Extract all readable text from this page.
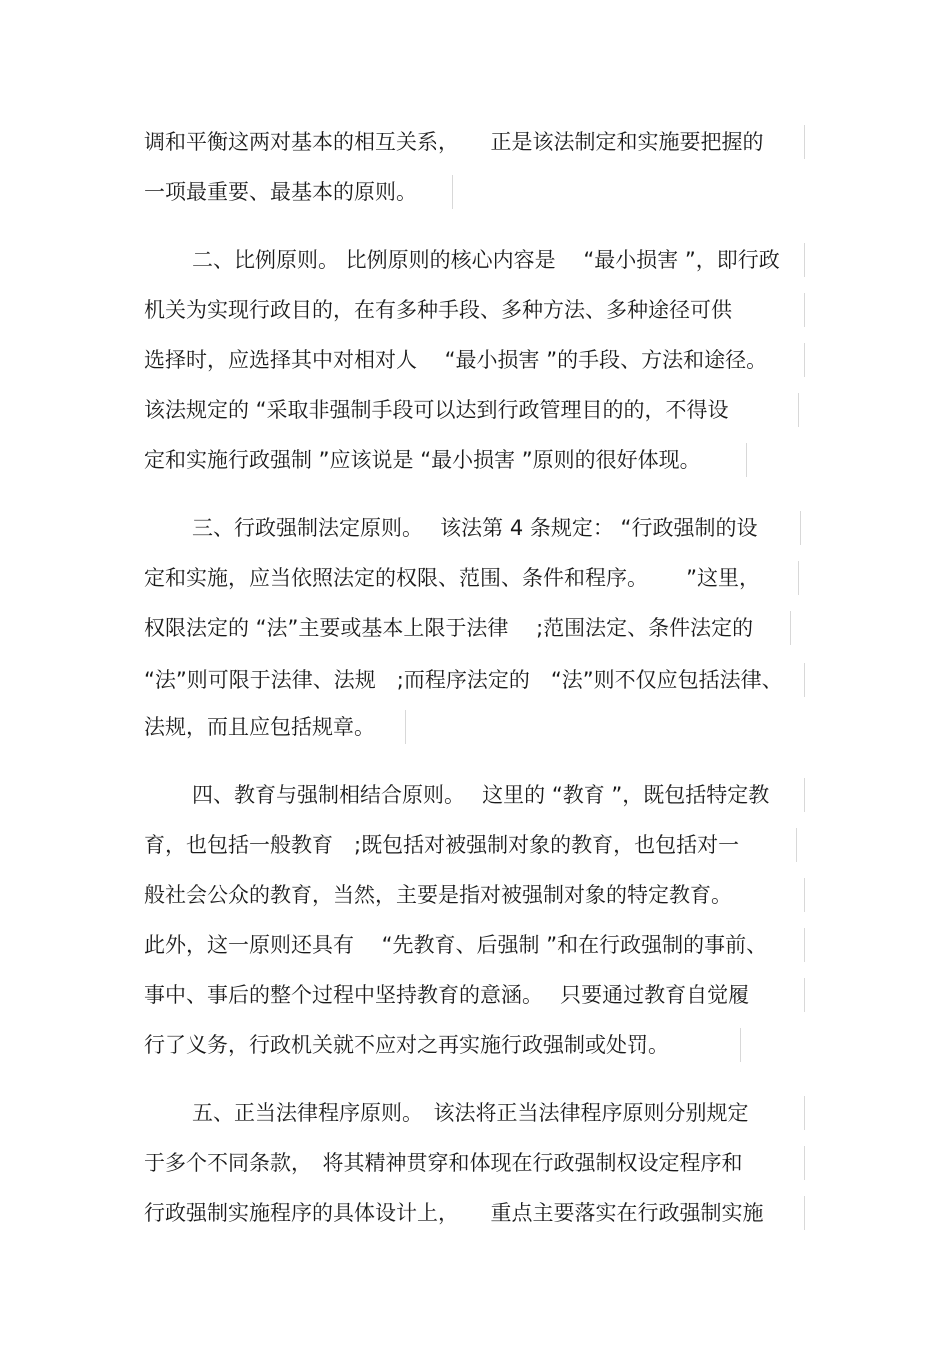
调和平衡这两对基本的相互关系，　　正是该法制定和实施要把握的
一项最重要、最基本的原则。
二、比例原则。 比例原则的核心内容是　 “最小损害 ”，即行政
机关为实现行政目的，在有多种手段、多种方法、多种途径可供
选择时，应选择其中对相对人　 “最小损害 ”的手段、方法和途径。
该法规定的 “采取非强制手段可以达到行政管理目的的，不得设
定和实施行政强制 ”应该说是 “最小损害 ”原则的很好体现。
三、行政强制法定原则。　 该法第 4 条规定： “行政强制的设
定和实施，应当依照法定的权限、范围、条件和程序。　　 ”这里，
权限法定的 “法”主要或基本上限于法律　 ;范围法定、条件法定的
“法”则可限于法律、法规　;而程序法定的　“法”则不仅应包括法律、
法规，而且应包括规章。
四、教育与强制相结合原则。　 这里的 “教育 ”，既包括特定教
育，也包括一般教育　;既包括对被强制对象的教育，也包括对一
般社会公众的教育，当然，主要是指对被强制对象的特定教育。
此外，这一原则还具有　 “先教育、后强制 ”和在行政强制的事前、
事中、事后的整个过程中坚持教育的意涵。　 只要通过教育自觉履
行了义务，行政机关就不应对之再实施行政强制或处罚。
五、正当法律程序原则。　该法将正当法律程序原则分别规定
于多个不同条款，　将其精神贯穿和体现在行政强制权设定程序和
行政强制实施程序的具体设计上，　　重点主要落实在行政强制实施
